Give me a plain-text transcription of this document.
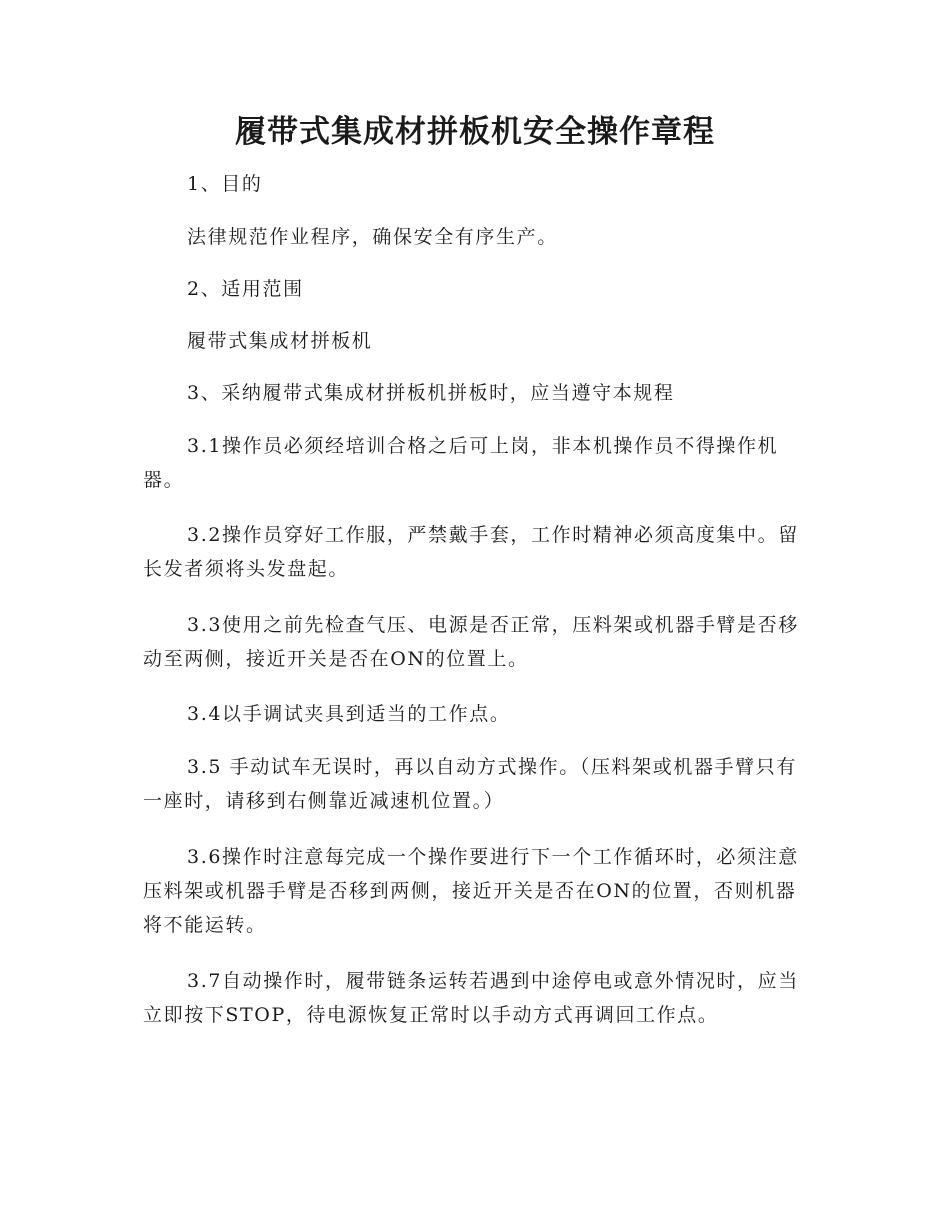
履带式集成材拼板机安全操作章程

1、目的

法律规范作业程序，确保安全有序生产。

2、适用范围

履带式集成材拼板机

3、采纳履带式集成材拼板机拼板时，应当遵守本规程

3.1操作员必须经培训合格之后可上岗，非本机操作员不得操作机器。

3.2操作员穿好工作服，严禁戴手套，工作时精神必须高度集中。留长发者须将头发盘起。

3.3使用之前先检查气压、电源是否正常，压料架或机器手臂是否移动至两侧，接近开关是否在ON的位置上。

3.4以手调试夹具到适当的工作点。

3.5 手动试车无误时，再以自动方式操作。（压料架或机器手臂只有一座时，请移到右侧靠近减速机位置。）

3.6操作时注意每完成一个操作要进行下一个工作循环时，必须注意压料架或机器手臂是否移到两侧，接近开关是否在ON的位置，否则机器将不能运转。

3.7自动操作时，履带链条运转若遇到中途停电或意外情况时，应当立即按下STOP，待电源恢复正常时以手动方式再调回工作点。
